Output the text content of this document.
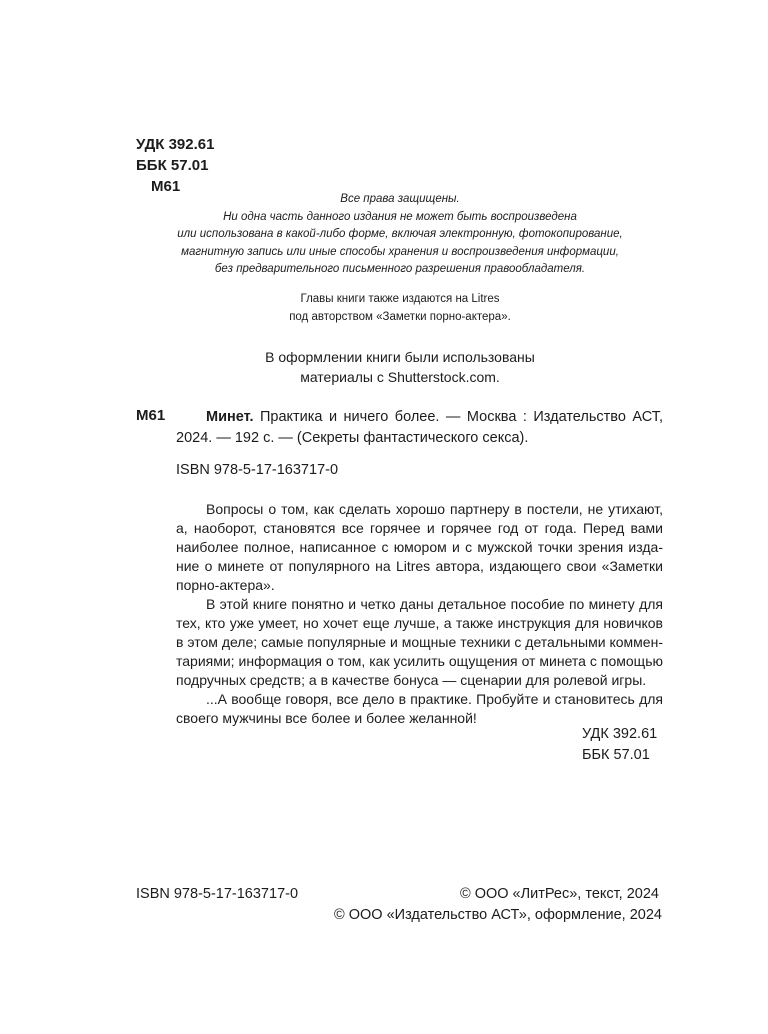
УДК 392.61
ББК 57.01
М61
Все права защищены.
Ни одна часть данного издания не может быть воспроизведена
или использована в какой-либо форме, включая электронную, фотокопирование,
магнитную запись или иные способы хранения и воспроизведения информации,
без предварительного письменного разрешения правообладателя.
Главы книги также издаются на Litres
под авторством «Заметки порно-актера».
В оформлении книги были использованы
материалы с Shutterstock.com.
М61	Минет. Практика и ничего более. — Москва : Издательство АСТ, 2024. — 192 с. — (Секреты фантастического секса).
ISBN 978-5-17-163717-0

Вопросы о том, как сделать хорошо партнеру в постели, не утихают, а, наоборот, становятся все горячее и горячее год от года. Перед вами наиболее полное, написанное с юмором и с мужской точки зрения издание о минете от популярного на Litres автора, издающего свои «Заметки порно-актера».

В этой книге понятно и четко даны детальное пособие по минету для тех, кто уже умеет, но хочет еще лучше, а также инструкция для новичков в этом деле; самые популярные и мощные техники с детальными комментариями; информация о том, как усилить ощущения от минета с помощью подручных средств; а в качестве бонуса — сценарии для ролевой игры.

...А вообще говоря, все дело в практике. Пробуйте и становитесь для своего мужчины все более и более желанной!

УДК 392.61
ББК 57.01
ISBN 978-5-17-163717-0	© ООО «ЛитРес», текст, 2024
© ООО «Издательство АСТ», оформление, 2024
